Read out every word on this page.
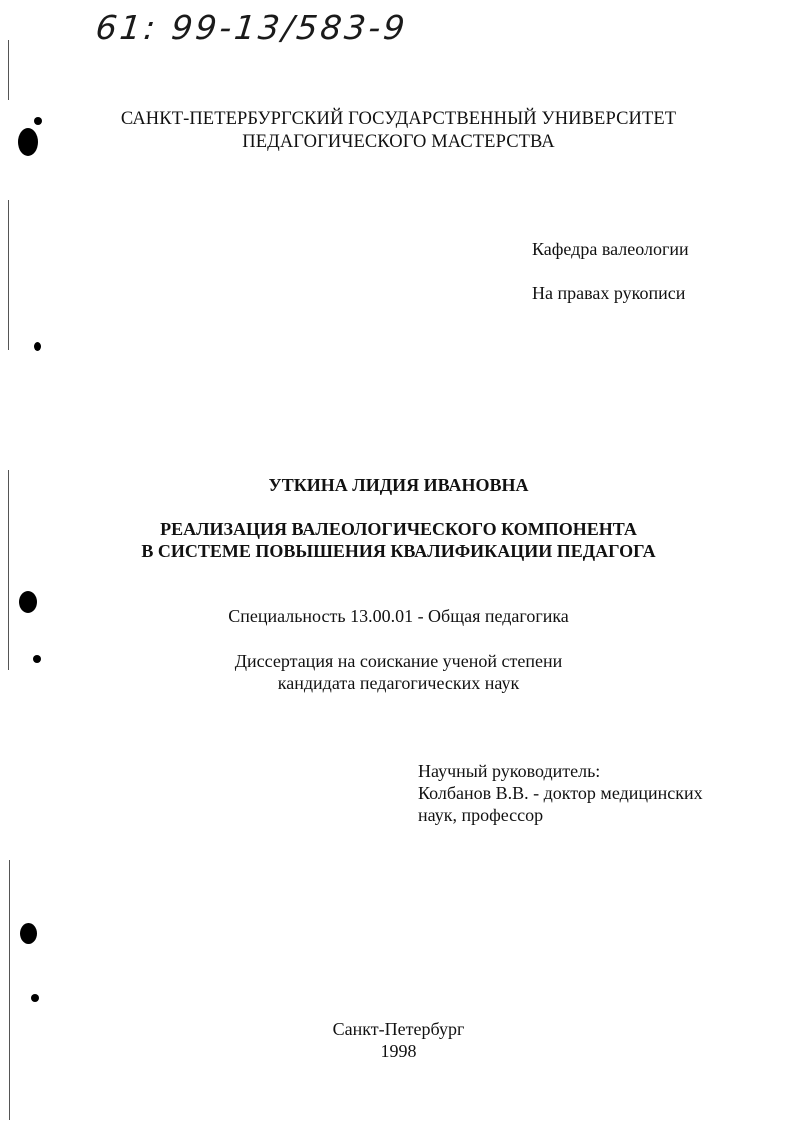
61: 99-13/583-9
САНКТ-ПЕТЕРБУРГСКИЙ ГОСУДАРСТВЕННЫЙ УНИВЕРСИТЕТ
ПЕДАГОГИЧЕСКОГО МАСТЕРСТВА
Кафедра валеологии
На правах рукописи
УТКИНА ЛИДИЯ ИВАНОВНА
РЕАЛИЗАЦИЯ ВАЛЕОЛОГИЧЕСКОГО КОМПОНЕНТА
В СИСТЕМЕ ПОВЫШЕНИЯ КВАЛИФИКАЦИИ ПЕДАГОГА
Специальность 13.00.01 - Общая педагогика
Диссертация на соискание ученой степени
кандидата педагогических наук
Научный руководитель:
Колбанов В.В. - доктор медицинских
наук, профессор
Санкт-Петербург
1998
